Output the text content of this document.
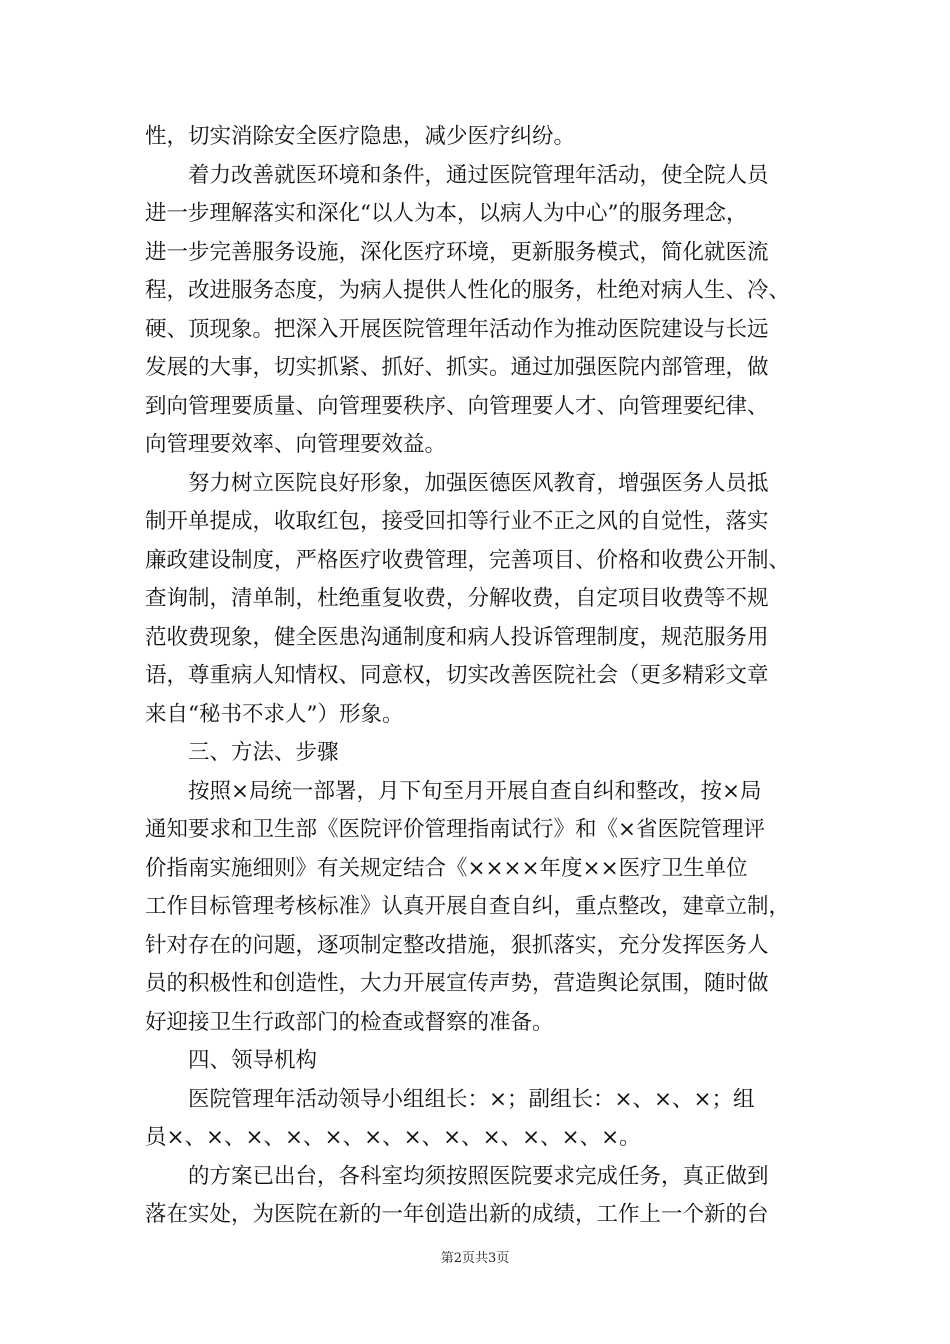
性，切实消除安全医疗隐患，减少医疗纠纷。
　　着力改善就医环境和条件，通过医院管理年活动，使全院人员
进一步理解落实和深化“以人为本，以病人为中心”的服务理念，
进一步完善服务设施，深化医疗环境，更新服务模式，简化就医流
程，改进服务态度，为病人提供人性化的服务，杜绝对病人生、冷、
硬、顶现象。把深入开展医院管理年活动作为推动医院建设与长远
发展的大事，切实抓紧、抓好、抓实。通过加强医院内部管理，做
到向管理要质量、向管理要秩序、向管理要人才、向管理要纪律、
向管理要效率、向管理要效益。
　　努力树立医院良好形象，加强医德医风教育，增强医务人员抵
制开单提成，收取红包，接受回扣等行业不正之风的自觉性，落实
廉政建设制度，严格医疗收费管理，完善项目、价格和收费公开制、
查询制，清单制，杜绝重复收费，分解收费，自定项目收费等不规
范收费现象，健全医患沟通制度和病人投诉管理制度，规范服务用
语，尊重病人知情权、同意权，切实改善医院社会（更多精彩文章
来自“秘书不求人”）形象。
　　三、方法、步骤
　　按照×局统一部署，月下旬至月开展自查自纠和整改，按×局
通知要求和卫生部《医院评价管理指南试行》和《×省医院管理评
价指南实施细则》有关规定结合《××××年度××医疗卫生单位
工作目标管理考核标准》认真开展自查自纠，重点整改，建章立制，
针对存在的问题，逐项制定整改措施，狠抓落实，充分发挥医务人
员的积极性和创造性，大力开展宣传声势，营造舆论氛围，随时做
好迎接卫生行政部门的检查或督察的准备。
　　四、领导机构
　　医院管理年活动领导小组组长：×；副组长：×、×、×；组
员×、×、×、×、×、×、×、×、×、×、×、×。
　　的方案已出台，各科室均须按照医院要求完成任务，真正做到
落在实处，为医院在新的一年创造出新的成绩，工作上一个新的台
第2页共3页
